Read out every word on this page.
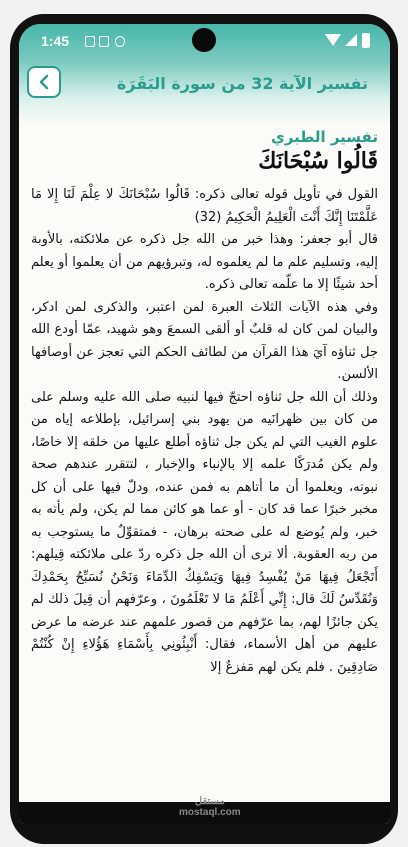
1:45
تفسير الآية 32 من سورة البَقَرَة
تفسير الطبري
قَالُوا سُبْحَانَكَ

القول في تأويل قوله تعالى ذكره: قَالُوا سُبْحَانَكَ لا عِلْمَ لَنَا إِلا مَا عَلَّمْتَنَا إِنَّكَ أَنْتَ الْعَلِيمُ الْحَكِيمُ (32)

قال أبو جعفر: وهذا خبر من الله جل ذكره عن ملائكته، بالأوبة إليه، وتسليم علم ما لم يعلموه له، وتبرؤيهم من أن يعلموا أو يعلم أحد شيئًا إلا ما علّمه تعالى ذكره.

وفي هذه الآيات الثلاث العبرة لمن اعتبر، والذكرى لمن ادكر، والبيان لمن كان له قلبٌ أو ألقى السمعَ وهو شهيد، عمّا أودع الله جل ثناؤه آيَ هذا القرآن من لطائف الحكم التي تعجز عن أوصافها الألسن.

وذلك أن الله جل ثناؤه احتجّ فيها لنبيه صلى الله عليه وسلم على من كان بين ظهرانَيه من يهود بني إسرائيل، بإطلاعه إياه من علوم الغيب التي لم يكن جل ثناؤه أطلع عليها من خلقه إلا خاصًا، ولم يكن مُدرَكًا علمه إلا بالإنباء والإخبار ، لتتقرر عندهم صحة نبوته، ويعلموا أن ما أتاهم به فمن عنده، ودلّ فيها على أن كل مخبر خبرًا عما قد كان - أو عما هو كائن مما لم يكن، ولم يأته به خبر، ولم يُوضع له على صحته برهان، - فمتقوِّلٌ ما يستوجب به من ربه العقوبة. ألا ترى أن الله جل ذكره ردّ على ملائكته قِيلهم: أَتَجْعَلُ فِيهَا مَنْ يُفْسِدُ فِيهَا وَيَسْفِكُ الدِّمَاءَ وَنَحْنُ نُسَبِّحُ بِحَمْدِكَ وَنُقَدِّسُ لَكَ قال: إِنِّي أَعْلَمُ مَا لا تَعْلَمُونَ ، وعرّفهم أن قِيلَ ذلك لم يكن جائزًا لهم، بما عرّفهم من قصور علمهم عند عرضه ما عرض عليهم من أهل الأسماء، فقال: أَنْبِئُونِي بِأَسْمَاءِ هَؤُلاءِ إِنْ كُنْتُمْ صَادِقِينَ . فلم يكن لهم مَفزعٌ إلا

مستقل
mostaql.com
